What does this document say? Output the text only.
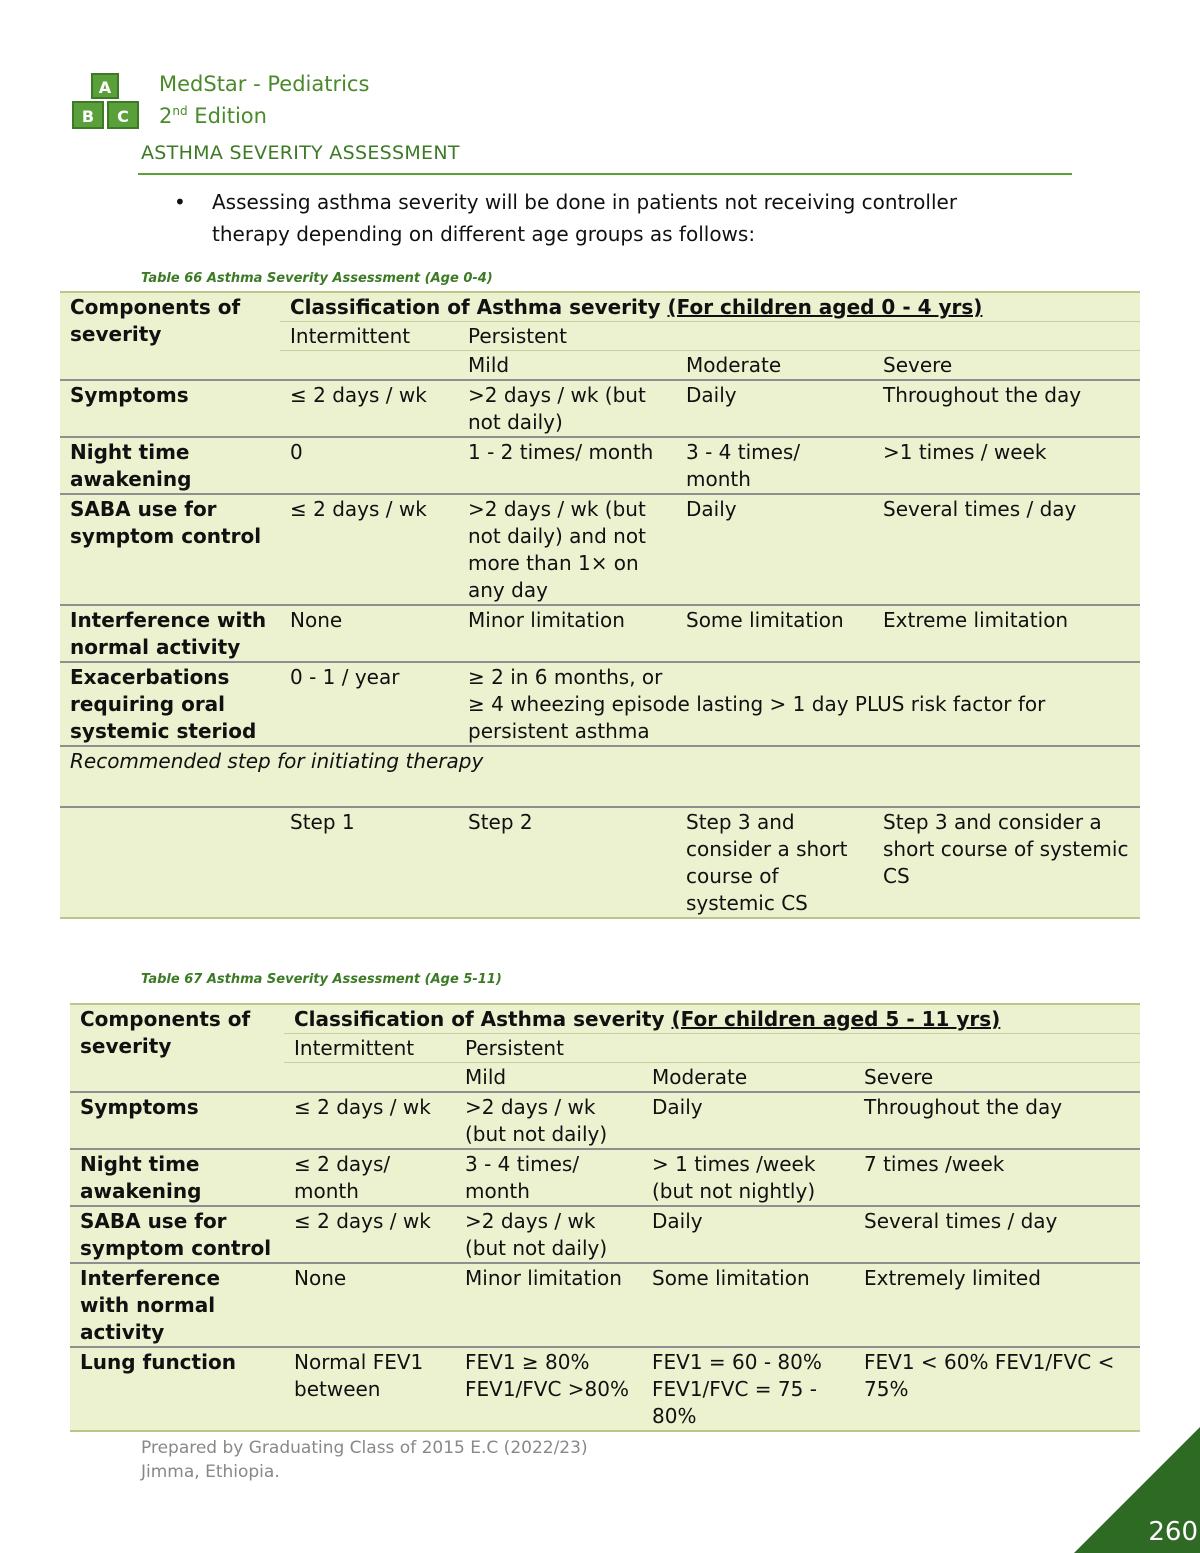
A
B C
MedStar - Pediatrics
2nd Edition
ASTHMA SEVERITY ASSESSMENT
• Assessing asthma severity will be done in patients not receiving controller therapy depending on different age groups as follows:
Table 66 Asthma Severity Assessment (Age 0-4)
Components of severity	Classification of Asthma severity (For children aged 0 - 4 yrs)			
	Intermittent	Persistent		
		Mild	Moderate	Severe
Symptoms	≤ 2 days / wk	>2 days / wk (but not daily)	Daily	Throughout the day
Night time awakening	0	1 - 2 times/ month	3 - 4 times/ month	>1 times / week
SABA use for symptom control	≤ 2 days / wk	>2 days / wk (but not daily) and not more than 1× on any day	Daily	Several times / day
Interference with normal activity	None	Minor limitation	Some limitation	Extreme limitation
Exacerbations requiring oral systemic steriod	0 - 1 / year	≥ 2 in 6 months, or
≥ 4 wheezing episode lasting > 1 day PLUS risk factor for persistent asthma		

Recommended step for initiating therapy				
	Step 1	Step 2	Step 3 and consider a short course of systemic CS	Step 3 and consider a short course of systemic CS
Table 67 Asthma Severity Assessment (Age 5-11)
Components of severity	Classification of Asthma severity (For children aged 5 - 11 yrs)			
	Intermittent	Persistent		
		Mild	Moderate	Severe
Symptoms	≤ 2 days / wk	>2 days / wk (but not daily)	Daily	Throughout the day
Night time awakening	≤ 2 days/ month	3 - 4 times/ month	> 1 times /week (but not nightly)	7 times /week
SABA use for symptom control	≤ 2 days / wk	>2 days / wk (but not daily)	Daily	Several times / day
Interference with normal activity	None	Minor limitation	Some limitation	Extremely limited
Lung function	Normal FEV1 between	FEV1 ≥ 80% FEV1/FVC >80%	FEV1 = 60 - 80% FEV1/FVC = 75 - 80%	FEV1 < 60% FEV1/FVC < 75%
Prepared by Graduating Class of 2015 E.C (2022/23)
Jimma, Ethiopia.
260
